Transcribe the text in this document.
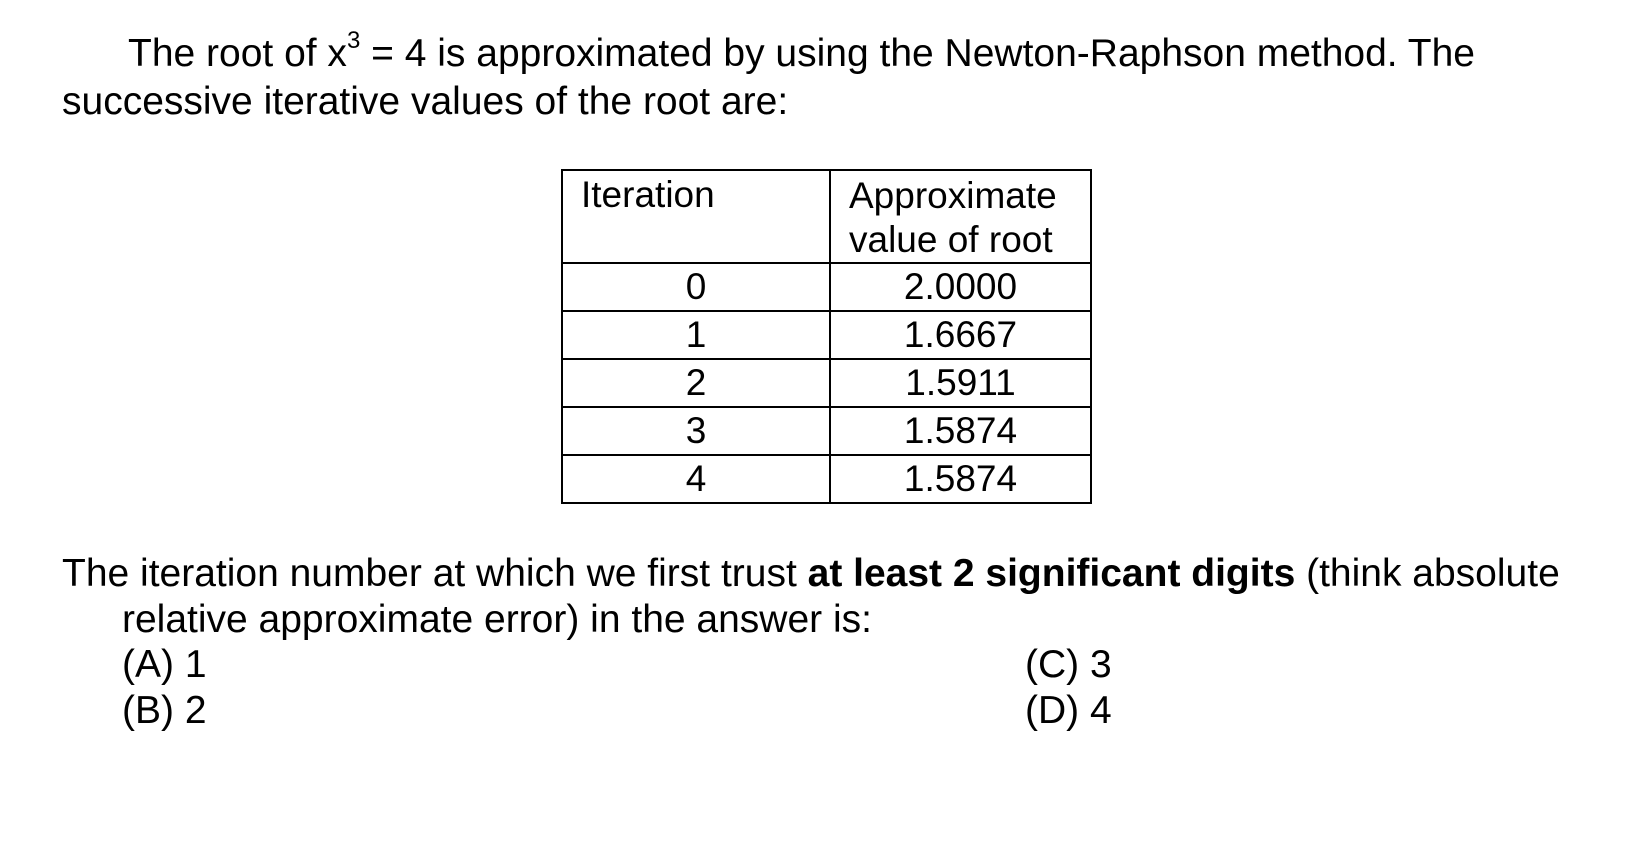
The root of $x^3 = 4$ is approximated by using the Newton-Raphson method. The
successive iterative values of the root are:
Iteration	Approximate
value of root
0	2.0000
1	1.6667
2	1.5911
3	1.5874
4	1.5874
The iteration number at which we first trust at least 2 significant digits (think absolute
relative approximate error) in the answer is:
(A) 1
(B) 2
(C) 3
(D) 4
